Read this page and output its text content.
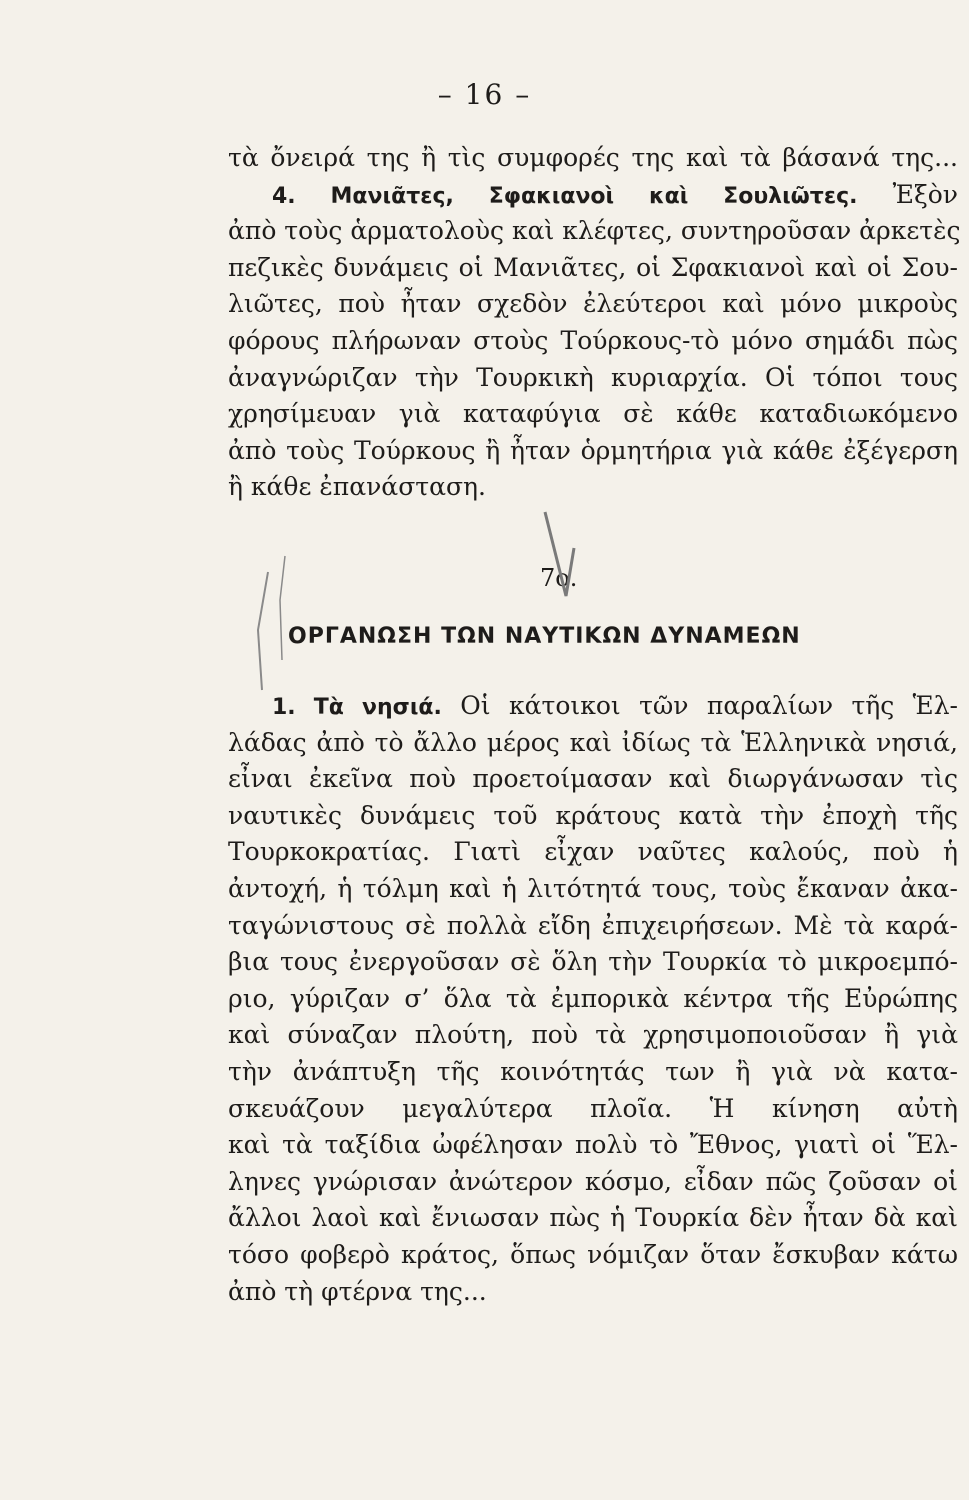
– 16 –
τὰ ὄνειρά της ἢ τὶς συμφορές της καὶ τὰ βάσανά της...
4. Μανιᾶτες, Σφακιανοὶ καὶ Σουλιῶτες. Ἐξὸν
ἀπὸ τοὺς ἁρματολοὺς καὶ κλέφτες, συντηροῦσαν ἀρκετὲς
πεζικὲς δυνάμεις οἱ Μανιᾶτες, οἱ Σφακιανοὶ καὶ οἱ Σου-
λιῶτες, ποὺ ἦταν σχεδὸν ἐλεύτεροι καὶ μόνο μικροὺς
φόρους πλήρωναν στοὺς Τούρκους-τὸ μόνο σημάδι πὼς
ἀναγνώριζαν τὴν Τουρκικὴ κυριαρχία. Οἱ τόποι τους
χρησίμευαν γιὰ καταφύγια σὲ κάθε καταδιωκόμενο
ἀπὸ τοὺς Τούρκους ἢ ἦταν ὁρμητήρια γιὰ κάθε ἐξέγερση
ἢ κάθε ἐπανάσταση.
7ο.
ΟΡΓΑΝΩΣΗ ΤΩΝ ΝΑΥΤΙΚΩΝ ΔΥΝΑΜΕΩΝ
1. Τὰ νησιά. Οἱ κάτοικοι τῶν παραλίων τῆς Ἑλ-
λάδας ἀπὸ τὸ ἄλλο μέρος καὶ ἰδίως τὰ Ἑλληνικὰ νησιά,
εἶναι ἐκεῖνα ποὺ προετοίμασαν καὶ διωργάνωσαν τὶς
ναυτικὲς δυνάμεις τοῦ κράτους κατὰ τὴν ἐποχὴ τῆς
Τουρκοκρατίας. Γιατὶ εἶχαν ναῦτες καλούς, ποὺ ἡ
ἀντοχή, ἡ τόλμη καὶ ἡ λιτότητά τους, τοὺς ἔκαναν ἀκα-
ταγώνιστους σὲ πολλὰ εἴδη ἐπιχειρήσεων. Μὲ τὰ καρά-
βια τους ἐνεργοῦσαν σὲ ὅλη τὴν Τουρκία τὸ μικροεμπό-
ριο, γύριζαν σ’ ὅλα τὰ ἐμπορικὰ κέντρα τῆς Εὐρώπης
καὶ σύναζαν πλούτη, ποὺ τὰ χρησιμοποιοῦσαν ἢ γιὰ
τὴν ἀνάπτυξη τῆς κοινότητάς των ἢ γιὰ νὰ κατα-
σκευάζουν μεγαλύτερα πλοῖα. Ἡ κίνηση αὐτὴ
καὶ τὰ ταξίδια ὠφέλησαν πολὺ τὸ Ἔθνος, γιατὶ οἱ Ἕλ-
ληνες γνώρισαν ἀνώτερον κόσμο, εἶδαν πῶς ζοῦσαν οἱ
ἄλλοι λαοὶ καὶ ἔνιωσαν πὼς ἡ Τουρκία δὲν ἦταν δὰ καὶ
τόσο φοβερὸ κράτος, ὅπως νόμιζαν ὅταν ἔσκυβαν κάτω
ἀπὸ τὴ φτέρνα της...
